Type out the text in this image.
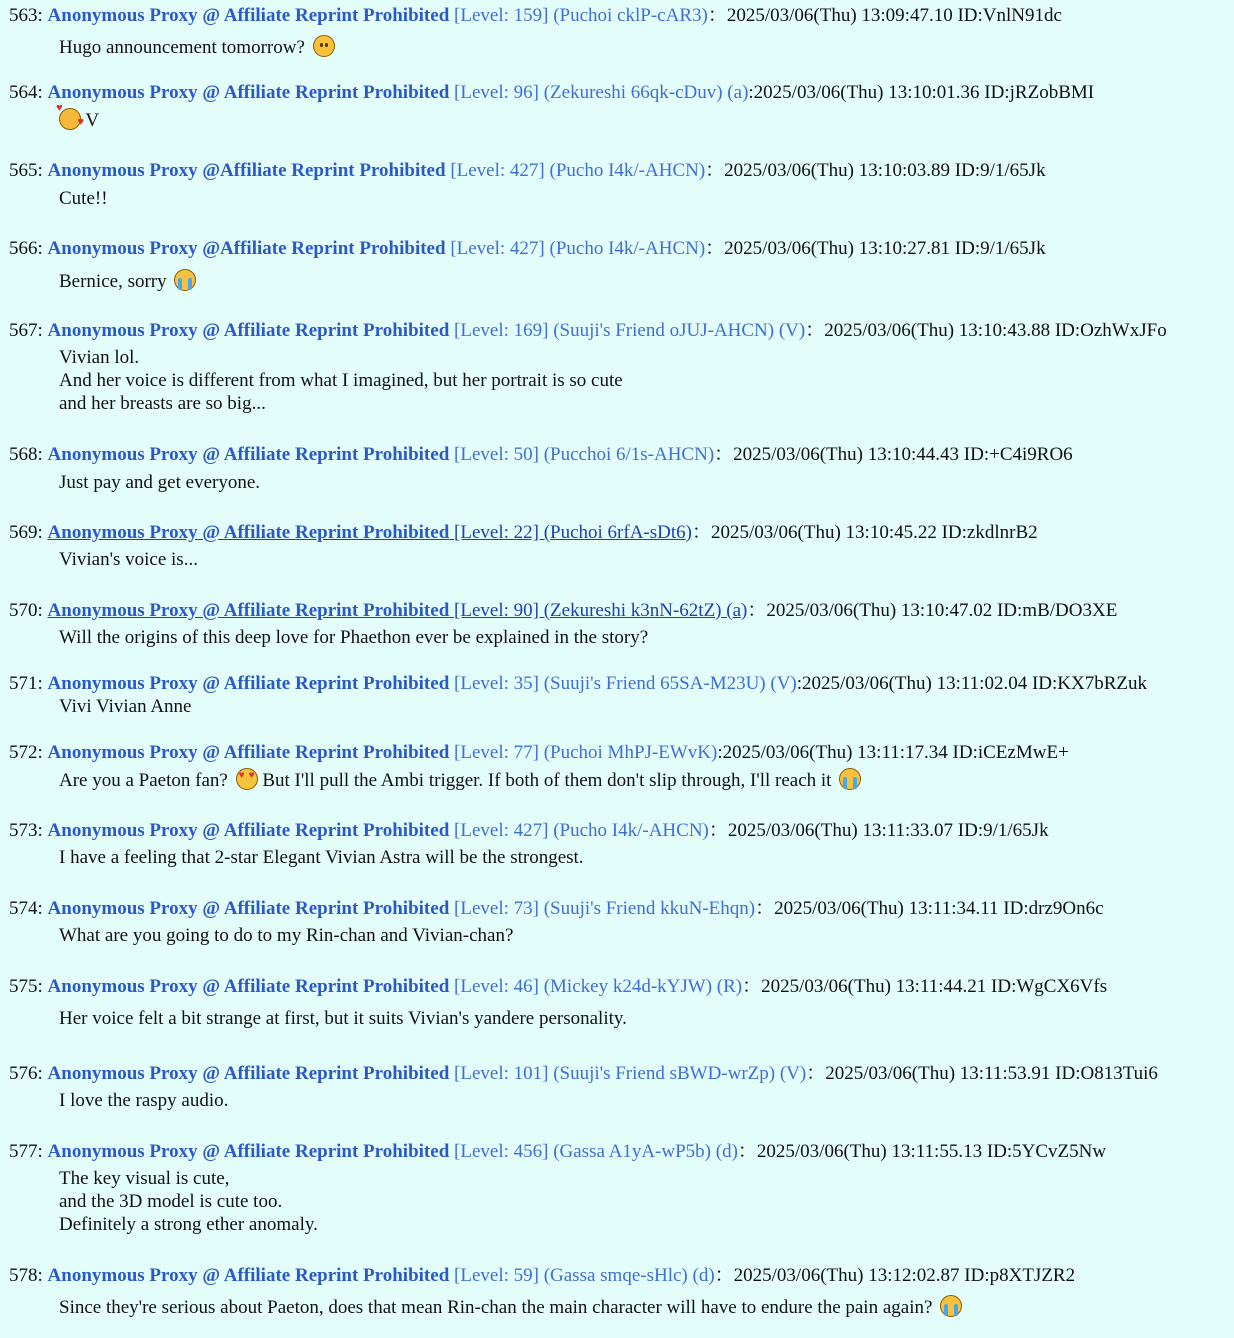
563: Anonymous Proxy @ Affiliate Reprint Prohibited [Level: 159] (Puchoi cklP-cAR3)：2025/03/06(Thu) 13:09:47.10 ID:VnlN91dc
Hugo announcement tomorrow?
564: Anonymous Proxy @ Affiliate Reprint Prohibited [Level: 96] (Zekureshi 66qk-cDuv) (a):2025/03/06(Thu) 13:10:01.36 ID:jRZobBMI
♥ ♥ V
565: Anonymous Proxy @Affiliate Reprint Prohibited [Level: 427] (Pucho I4k/-AHCN)：2025/03/06(Thu) 13:10:03.89 ID:9/1/65Jk
Cute!!
566: Anonymous Proxy @Affiliate Reprint Prohibited [Level: 427] (Pucho I4k/-AHCN)：2025/03/06(Thu) 13:10:27.81 ID:9/1/65Jk
Bernice, sorry
567: Anonymous Proxy @ Affiliate Reprint Prohibited [Level: 169] (Suuji's Friend oJUJ-AHCN) (V)：2025/03/06(Thu) 13:10:43.88 ID:OzhWxJFo
Vivian lol.
And her voice is different from what I imagined, but her portrait is so cute
and her breasts are so big...
568: Anonymous Proxy @ Affiliate Reprint Prohibited [Level: 50] (Pucchoi 6/1s-AHCN)：2025/03/06(Thu) 13:10:44.43 ID:+C4i9RO6
Just pay and get everyone.
569: Anonymous Proxy @ Affiliate Reprint Prohibited [Level: 22] (Puchoi 6rfA-sDt6)：2025/03/06(Thu) 13:10:45.22 ID:zkdlnrB2
Vivian's voice is...
570: Anonymous Proxy @ Affiliate Reprint Prohibited [Level: 90] (Zekureshi k3nN-62tZ) (a)：2025/03/06(Thu) 13:10:47.02 ID:mB/DO3XE
Will the origins of this deep love for Phaethon ever be explained in the story?
571: Anonymous Proxy @ Affiliate Reprint Prohibited [Level: 35] (Suuji's Friend 65SA-M23U) (V):2025/03/06(Thu) 13:11:02.04 ID:KX7bRZuk
Vivi Vivian Anne
572: Anonymous Proxy @ Affiliate Reprint Prohibited [Level: 77] (Puchoi MhPJ-EWvK):2025/03/06(Thu) 13:11:17.34 ID:iCEzMwE+
Are you a Paeton fan? ♥ ♥ But I'll pull the Ambi trigger. If both of them don't slip through, I'll reach it
573: Anonymous Proxy @ Affiliate Reprint Prohibited [Level: 427] (Pucho I4k/-AHCN)：2025/03/06(Thu) 13:11:33.07 ID:9/1/65Jk
I have a feeling that 2-star Elegant Vivian Astra will be the strongest.
574: Anonymous Proxy @ Affiliate Reprint Prohibited [Level: 73] (Suuji's Friend kkuN-Ehqn)：2025/03/06(Thu) 13:11:34.11 ID:drz9On6c
What are you going to do to my Rin-chan and Vivian-chan?
575: Anonymous Proxy @ Affiliate Reprint Prohibited [Level: 46] (Mickey k24d-kYJW) (R)：2025/03/06(Thu) 13:11:44.21 ID:WgCX6Vfs
Her voice felt a bit strange at first, but it suits Vivian's yandere personality.
576: Anonymous Proxy @ Affiliate Reprint Prohibited [Level: 101] (Suuji's Friend sBWD-wrZp) (V)：2025/03/06(Thu) 13:11:53.91 ID:O813Tui6
I love the raspy audio.
577: Anonymous Proxy @ Affiliate Reprint Prohibited [Level: 456] (Gassa A1yA-wP5b) (d)：2025/03/06(Thu) 13:11:55.13 ID:5YCvZ5Nw
The key visual is cute,
and the 3D model is cute too.
Definitely a strong ether anomaly.
578: Anonymous Proxy @ Affiliate Reprint Prohibited [Level: 59] (Gassa smqe-sHlc) (d)：2025/03/06(Thu) 13:12:02.87 ID:p8XTJZR2
Since they're serious about Paeton, does that mean Rin-chan the main character will have to endure the pain again?
